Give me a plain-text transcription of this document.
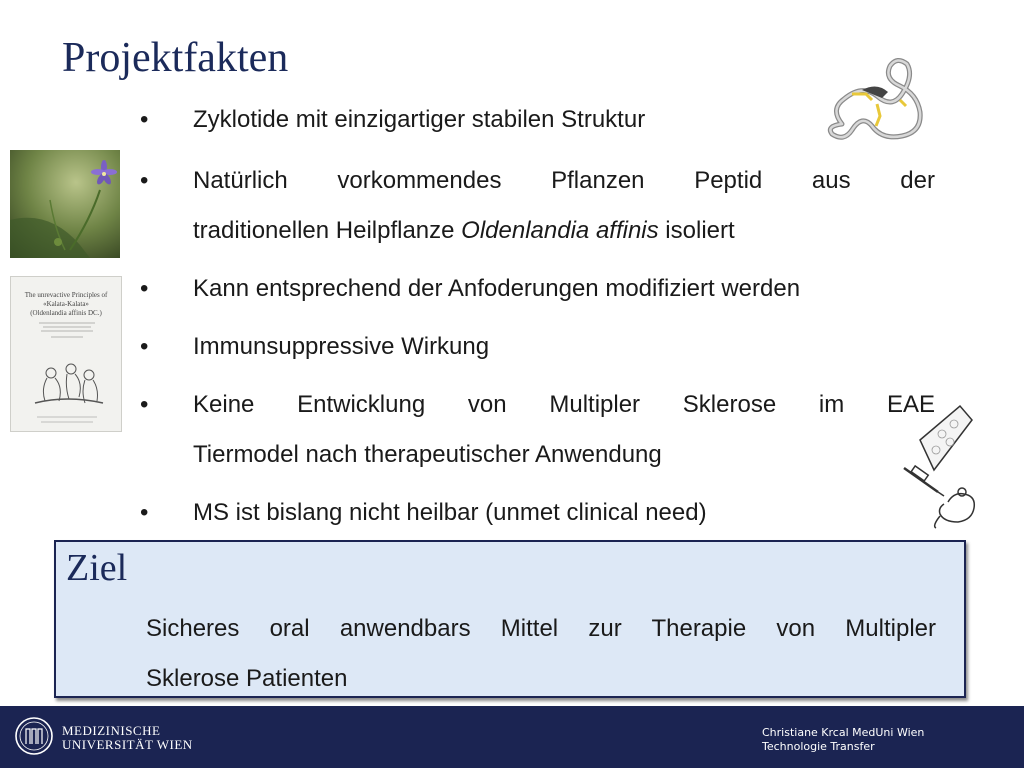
Projektfakten
• Zyklotide mit einzigartiger stabilen Struktur
• Natürlich vorkommendes Pflanzen Peptid aus der
traditionellen Heilpflanze Oldenlandia affinis isoliert
• Kann entsprechend der Anfoderungen modifiziert werden
• Immunsuppressive Wirkung
• Keine Entwicklung von Multipler Sklerose im EAE
Tiermodel nach therapeutischer Anwendung
• MS ist bislang nicht heilbar (unmet clinical need)
The unrevactive Principles of
«Kalata-Kalata»
(Oldenlandia affinis DC.)
Ziel
Sicheres oral anwendbars Mittel zur Therapie von Multipler
Sklerose Patienten
MEDIZINISCHE
UNIVERSITÄT WIEN
Christiane Krcal MedUni Wien
Technologie Transfer
